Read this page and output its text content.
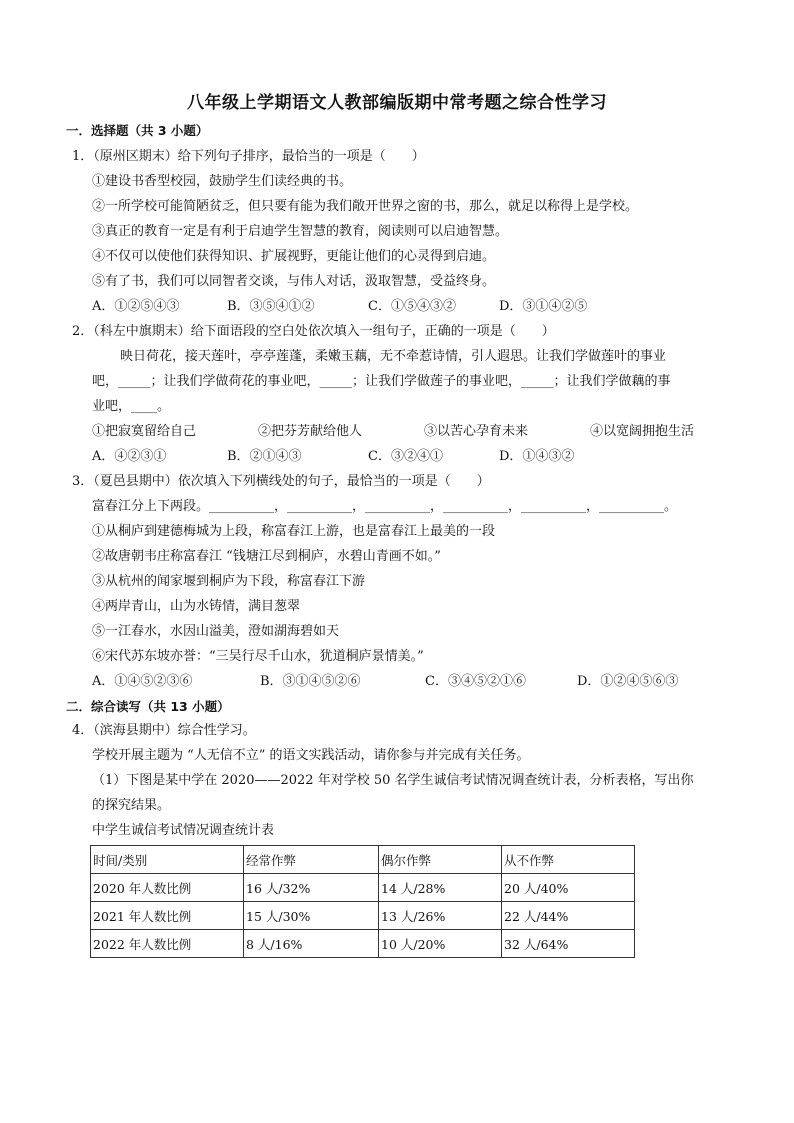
八年级上学期语文人教部编版期中常考题之综合性学习
一．选择题（共 3 小题）
1．（原州区期末）给下列句子排序，最恰当的一项是（　　）
①建设书香型校园，鼓励学生们读经典的书。
②一所学校可能简陋贫乏，但只要有能为我们敞开世界之窗的书，那么，就足以称得上是学校。
③真正的教育一定是有利于启迪学生智慧的教育，阅读则可以启迪智慧。
④不仅可以使他们获得知识、扩展视野，更能让他们的心灵得到启迪。
⑤有了书，我们可以同智者交谈，与伟人对话，汲取智慧，受益终身。
A．①②⑤④③	B．③⑤④①②	C．①⑤④③②	D．③①④②⑤
2．（科左中旗期末）给下面语段的空白处依次填入一组句子，正确的一项是（　　）
映日荷花，接天莲叶，亭亭莲蓬，柔嫩玉藕，无不牵惹诗情，引人遐思。让我们学做莲叶的事业
吧，_____；让我们学做荷花的事业吧，_____；让我们学做莲子的事业吧，_____；让我们学做藕的事
业吧，____。
①把寂寞留给自己	②把芬芳献给他人	③以苦心孕育未来	④以宽阔拥抱生活
A．④②③①	B．②①④③	C．③②④①	D．①④③②
3．（夏邑县期中）依次填入下列横线处的句子，最恰当的一项是（　　）
富春江分上下两段。__________，__________，__________，__________，__________，__________。
①从桐庐到建德梅城为上段，称富春江上游，也是富春江上最美的一段
②故唐朝韦庄称富春江 “钱塘江尽到桐庐，水碧山青画不如。”
③从杭州的闻家堰到桐庐为下段，称富春江下游
④两岸青山，山为水铸情，满目葱翠
⑤一江春水，水因山溢美，澄如湖海碧如天
⑥宋代苏东坡亦誉：“三吴行尽千山水，犹道桐庐景情美。”
A．①④⑤②③⑥	B．③①④⑤②⑥	C．③④⑤②①⑥	D．①②④⑤⑥③
二．综合读写（共 13 小题）
4．（滨海县期中）综合性学习。
学校开展主题为 “人无信不立” 的语文实践活动，请你参与并完成有关任务。
（1）下图是某中学在 2020——2022 年对学校 50 名学生诚信考试情况调查统计表，分析表格，写出你
的探究结果。
中学生诚信考试情况调查统计表
时间/类别	经常作弊	偶尔作弊	从不作弊
2020 年人数比例	16 人/32%	14 人/28%	20 人/40%
2021 年人数比例	15 人/30%	13 人/26%	22 人/44%
2022 年人数比例	8 人/16%	10 人/20%	32 人/64%
